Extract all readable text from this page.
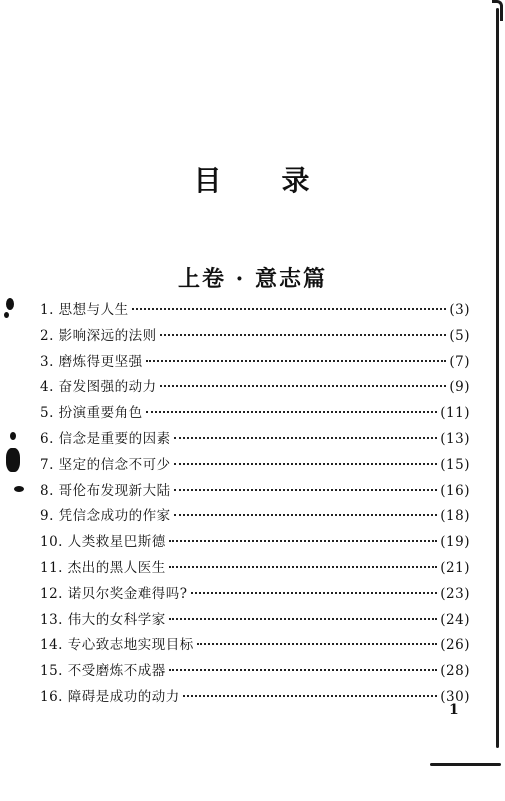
目 录
上卷 · 意志篇
1. 思想与人生	(3)
2. 影响深远的法则	(5)
3. 磨炼得更坚强	(7)
4. 奋发图强的动力	(9)
5. 扮演重要角色	(11)
6. 信念是重要的因素	(13)
7. 坚定的信念不可少	(15)
8. 哥伦布发现新大陆	(16)
9. 凭信念成功的作家	(18)
10. 人类救星巴斯德	(19)
11. 杰出的黑人医生	(21)
12. 诺贝尔奖金难得吗?	(23)
13. 伟大的女科学家	(24)
14. 专心致志地实现目标	(26)
15. 不受磨炼不成器	(28)
16. 障碍是成功的动力	(30)
1
